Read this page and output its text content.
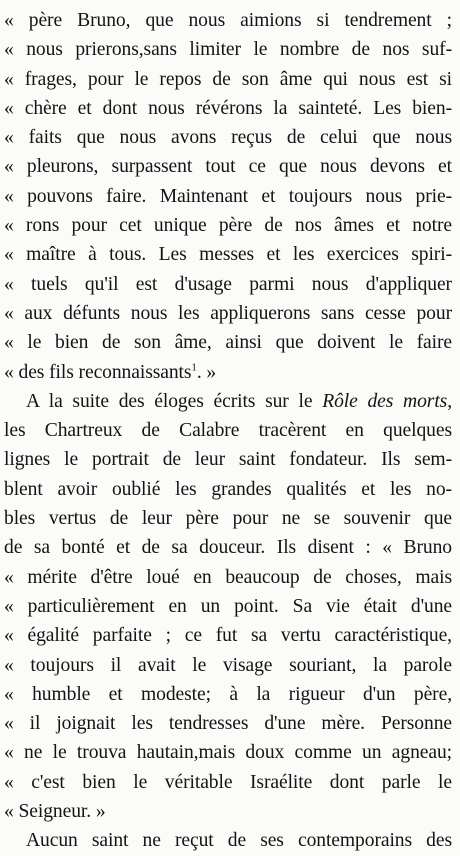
« père Bruno, que nous aimions si tendrement ;
« nous prierons,sans limiter le nombre de nos suf-
« frages, pour le repos de son âme qui nous est si
« chère et dont nous révérons la sainteté. Les bien-
« faits que nous avons reçus de celui que nous
« pleurons, surpassent tout ce que nous devons et
« pouvons faire. Maintenant et toujours nous prie-
« rons pour cet unique père de nos âmes et notre
« maître à tous. Les messes et les exercices spiri-
« tuels qu'il est d'usage parmi nous d'appliquer
« aux défunts nous les appliquerons sans cesse pour
« le bien de son âme, ainsi que doivent le faire
« des fils reconnaissants$^1$. »
A la suite des éloges écrits sur le Rôle des morts,
les Chartreux de Calabre tracèrent en quelques
lignes le portrait de leur saint fondateur. Ils sem-
blent avoir oublié les grandes qualités et les no-
bles vertus de leur père pour ne se souvenir que
de sa bonté et de sa douceur. Ils disent : « Bruno
« mérite d'être loué en beaucoup de choses, mais
« particulièrement en un point. Sa vie était d'une
« égalité parfaite ; ce fut sa vertu caractéristique,
« toujours il avait le visage souriant, la parole
« humble et modeste; à la rigueur d'un père,
« il joignait les tendresses d'une mère. Personne
« ne le trouva hautain,mais doux comme un agneau;
« c'est bien le véritable Israélite dont parle le
« Seigneur. »
Aucun saint ne reçut de ses contemporains des
